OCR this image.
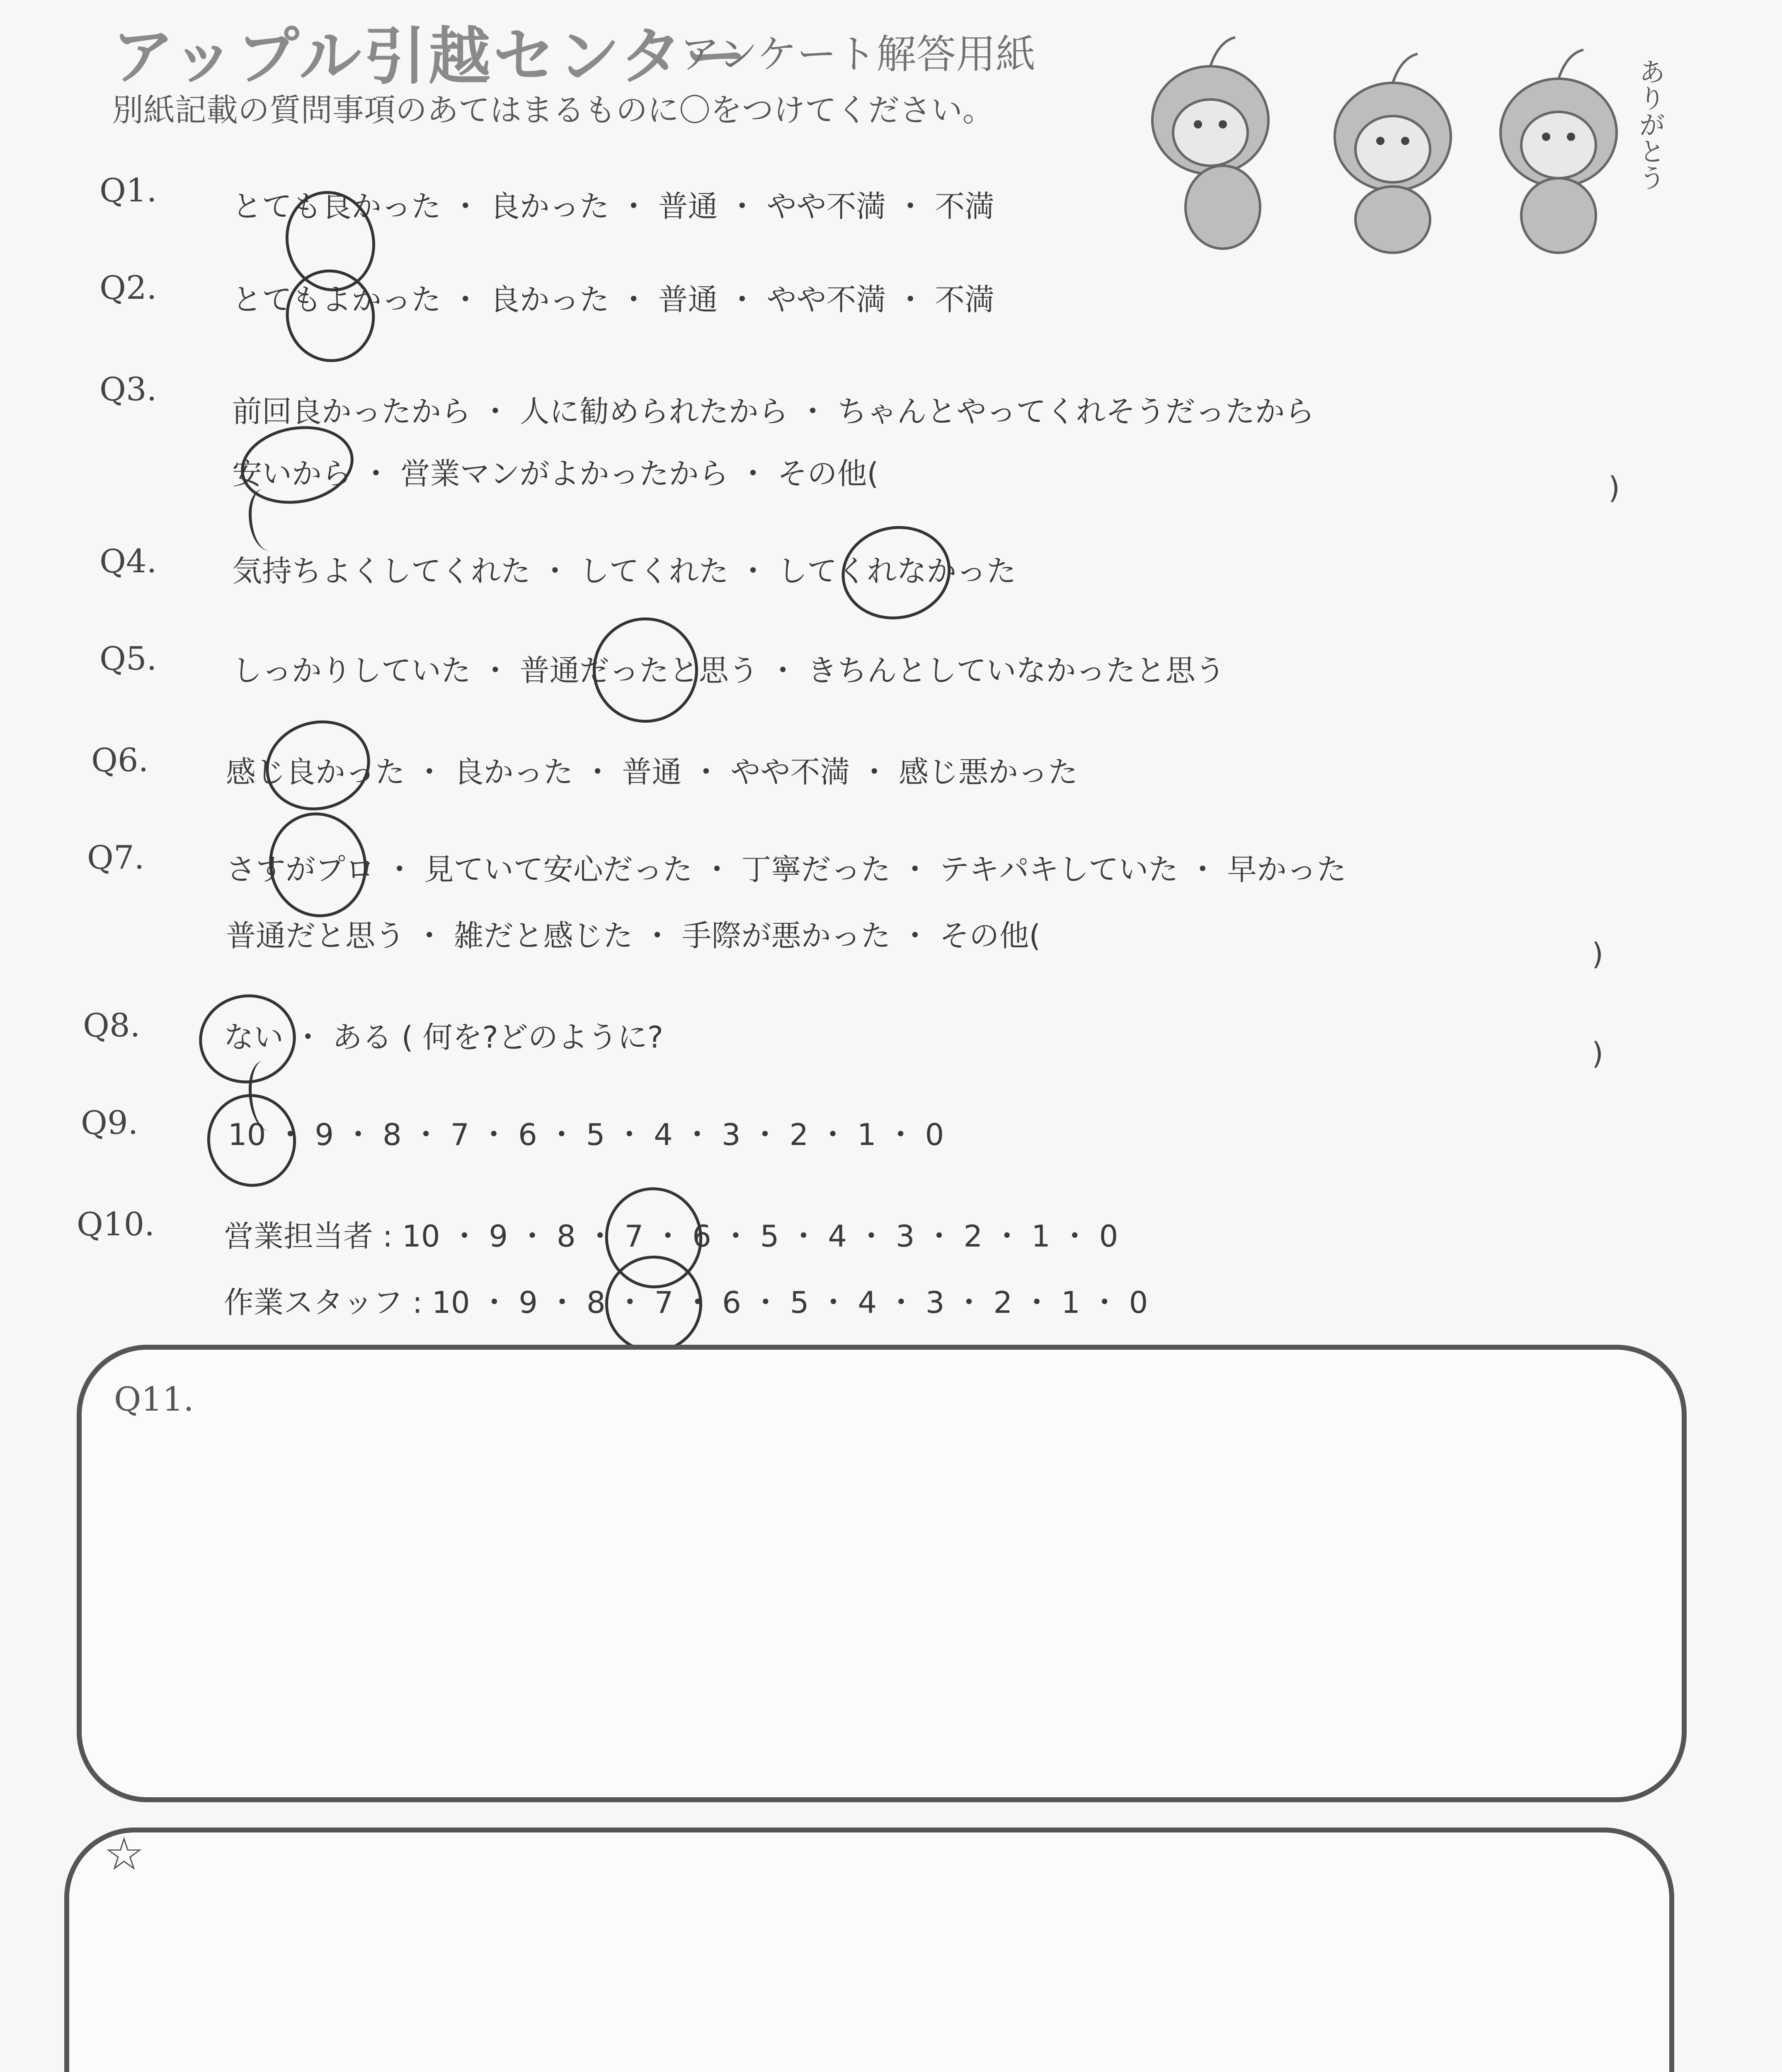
アップル引越センター
アンケート解答用紙
別紙記載の質問事項のあてはまるものに〇をつけてください。	ありがとう
Q1.	とても良かった ・ 良かった ・ 普通 ・ やや不満 ・ 不満
Q2.	とてもよかった ・ 良かった ・ 普通 ・ やや不満 ・ 不満
Q3.
前回良かったから ・ 人に勧められたから ・ ちゃんとやってくれそうだったから
安いから ・ 営業マンがよかったから ・ その他(	)
Q4.	気持ちよくしてくれた ・ してくれた ・ してくれなかった
Q5.	しっかりしていた ・ 普通だったと思う ・ きちんとしていなかったと思う
Q6.	感じ良かった ・ 良かった ・ 普通 ・ やや不満 ・ 感じ悪かった
Q7.	さすがプロ ・ 見ていて安心だった ・ 丁寧だった ・ テキパキしていた ・ 早かった
普通だと思う ・ 雑だと感じた ・ 手際が悪かった ・ その他(
)
Q8.	ない ・ ある ( 何を?どのように?	)
Q9.	10 ・ 9 ・ 8 ・ 7 ・ 6 ・ 5 ・ 4 ・ 3 ・ 2 ・ 1 ・ 0
Q10. 営業担当者 : 10 ・ 9 ・ 8 ・ 7 ・ 6 ・ 5 ・ 4 ・ 3 ・ 2 ・ 1 ・ 0
作業スタッフ : 10 ・ 9 ・ 8 ・ 7 ・ 6 ・ 5 ・ 4 ・ 3 ・ 2 ・ 1 ・ 0
Q11.
☆
